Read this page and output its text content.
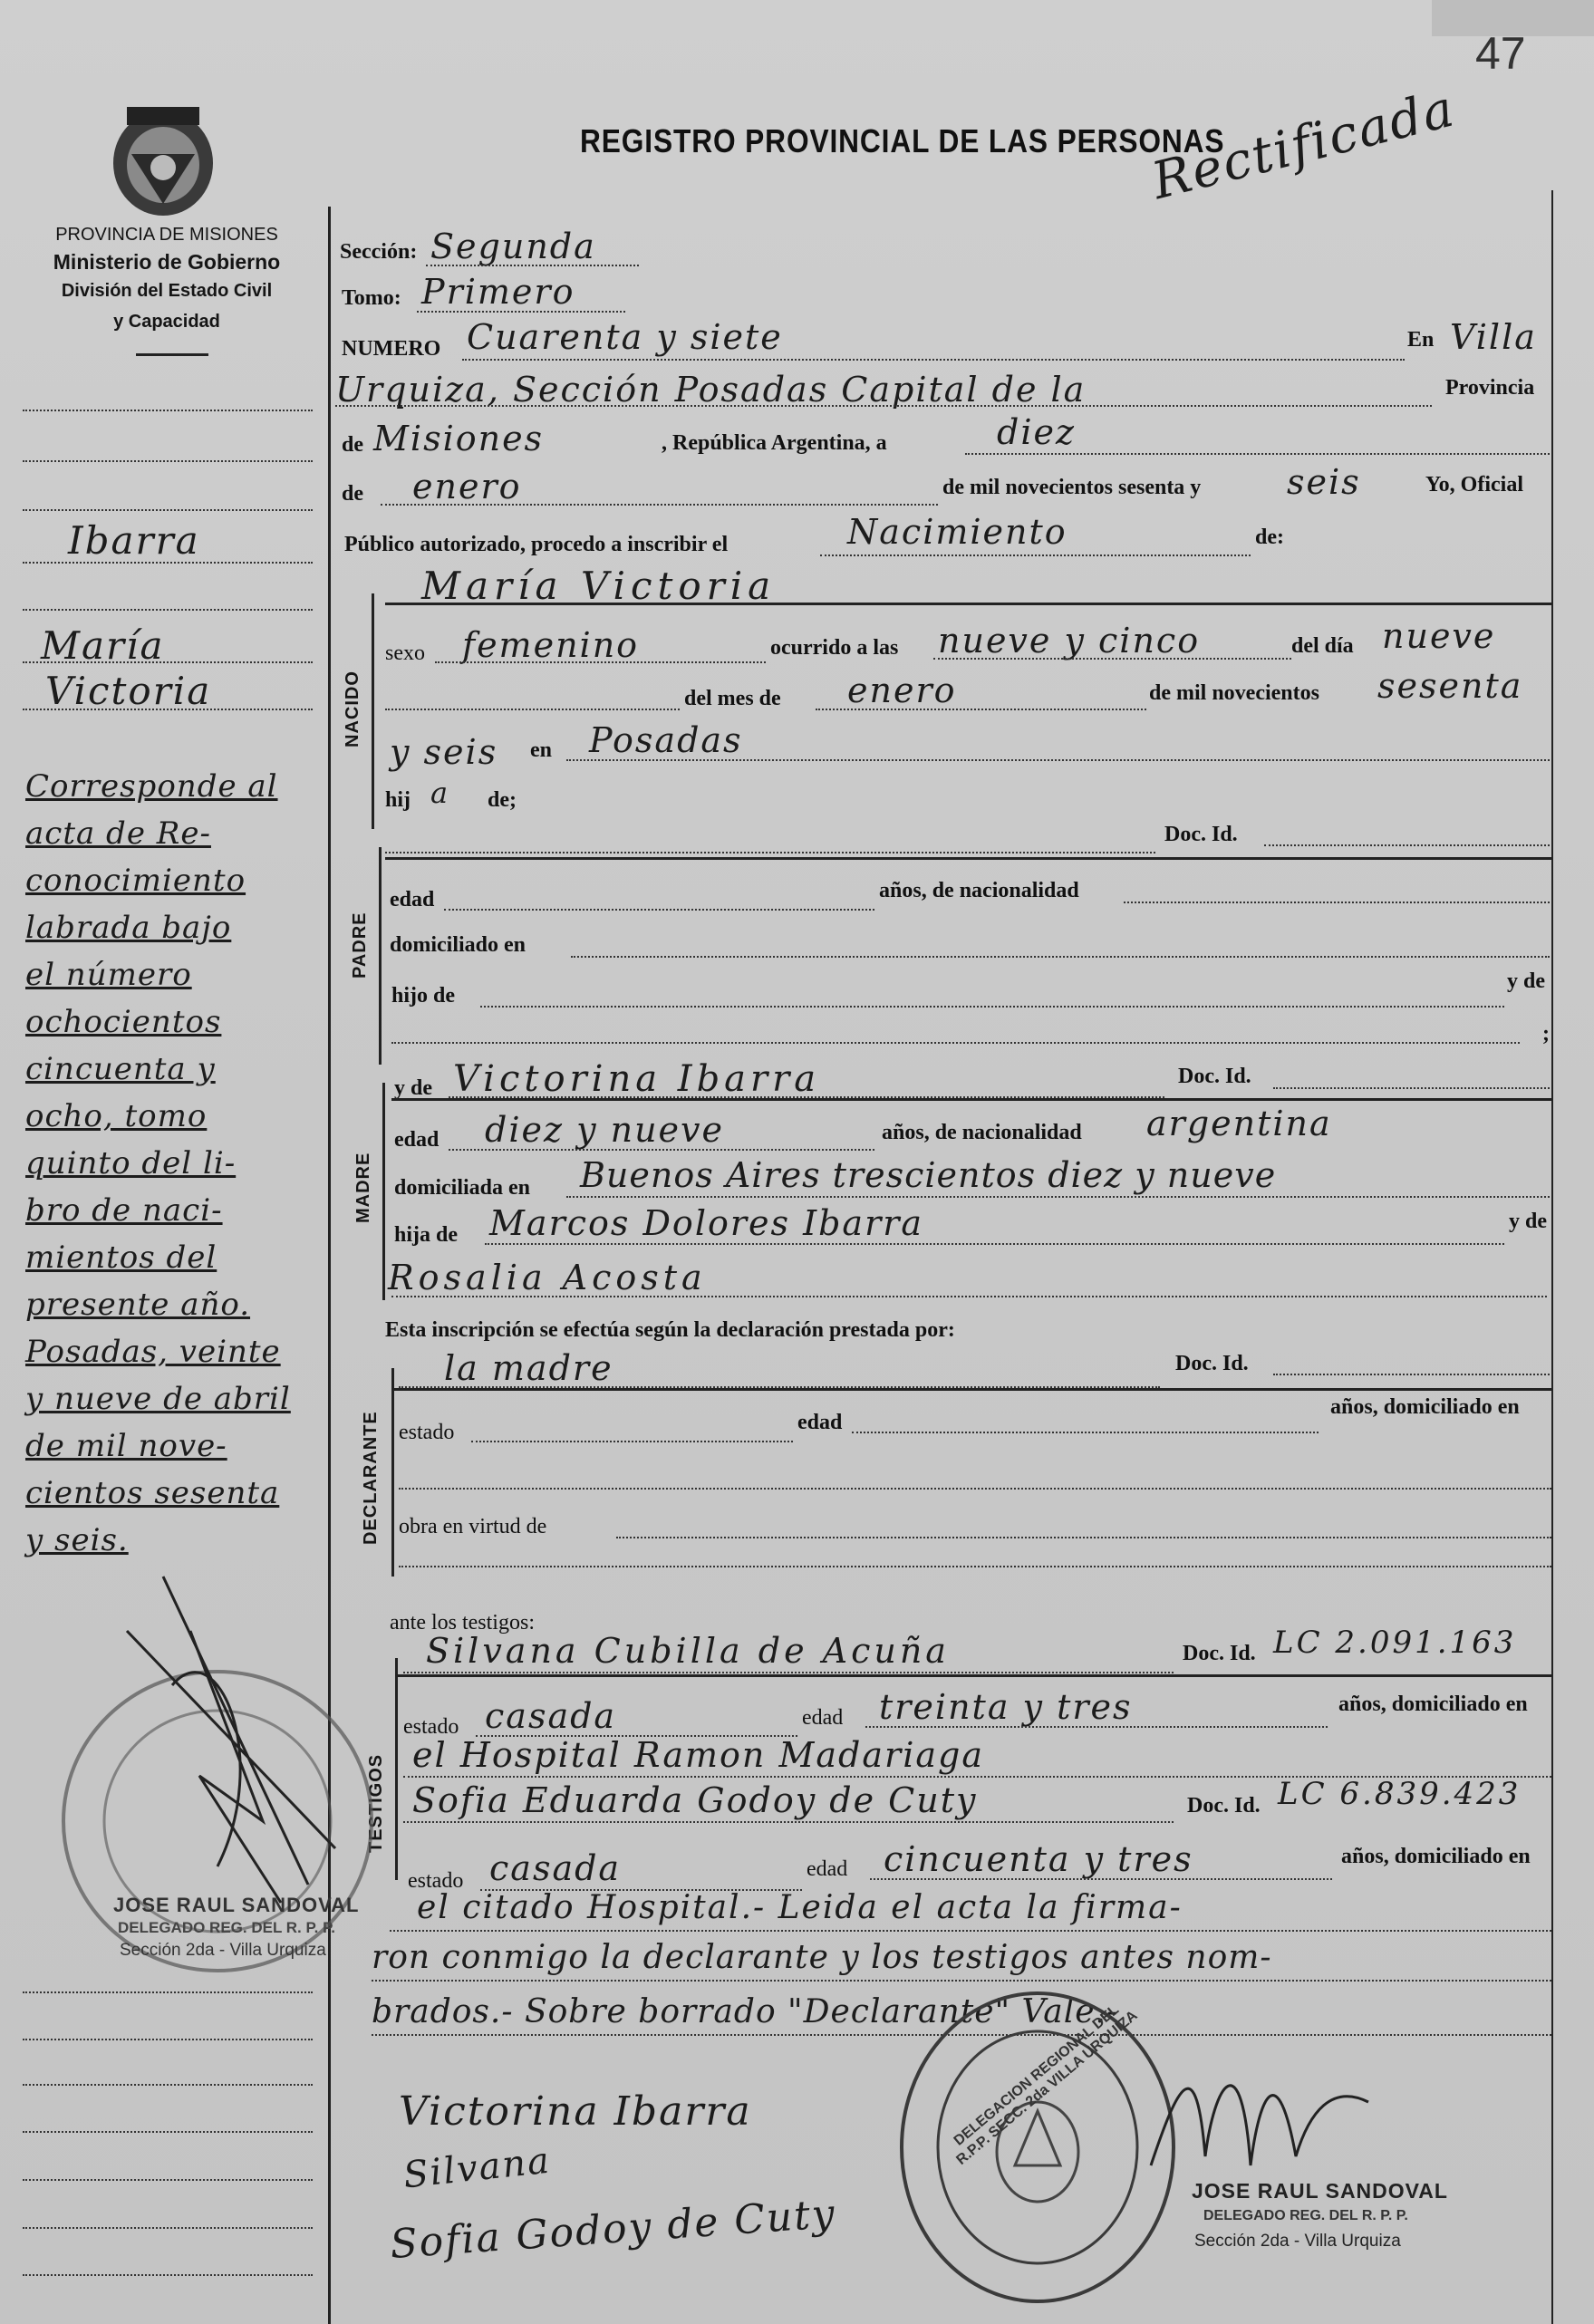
47
PROVINCIA DE MISIONES
Ministerio de Gobierno
División del Estado Civil
y Capacidad
REGISTRO PROVINCIAL DE LAS PERSONAS
Rectificada
NACIDO
PADRE
MADRE
DECLARANTE
TESTIGOS
Sección: Segunda
Tomo: Primero
NUMERO Cuarenta y siete	En Villa
Urquiza, Sección Posadas Capital de la	Provincia
de Misiones	, República Argentina, a	diez
de enero	de mil novecientos sesenta y seis	Yo, Oficial
Público autorizado, procedo a inscribir el	Nacimiento	de:
María Victoria
sexo femenino	ocurrido a las nueve y cinco	del día nueve
del mes de enero	de mil novecientos sesenta
y seis en Posadas
hij a de;
Doc. Id.
edad	años, de nacionalidad
domiciliado en
hijo de
y de
;
y de Victorina Ibarra	Doc. Id.
edad diez y nueve	años, de nacionalidad argentina
domiciliada en Buenos Aires trescientos diez y nueve
hija de Marcos Dolores Ibarra	y de
Rosalia Acosta
Esta inscripción se efectúa según la declaración prestada por:
la madre	Doc. Id.
estado	edad
años, domiciliado en
obra en virtud de
ante los testigos:
Silvana Cubilla de Acuña	Doc. Id. LC 2.091.163
estado casada	edad treinta y tres	años, domiciliado en
el Hospital Ramon Madariaga
Sofia Eduarda Godoy de Cuty	Doc. Id. LC 6.839.423
estado casada	edad cincuenta y tres	años, domiciliado en
el citado Hospital.- Leida el acta la firma-
ron conmigo la declarante y los testigos antes nom-
brados.- Sobre borrado "Declarante" Vale.-
Victorina Ibarra
Silvana
Sofia Godoy de Cuty
DELEGACION REGIONAL DEL R.P.P. SECC. 2da VILLA URQUIZA
JOSE RAUL SANDOVAL
DELEGADO REG. DEL R. P. P.
Sección 2da - Villa Urquiza
Ibarra
María
Victoria
Corresponde al
acta de Re-
conocimiento
labrada bajo
el número
ochocientos
cincuenta y
ocho, tomo
quinto del li-
bro de naci-
mientos del
presente año.
Posadas, veinte
y nueve de abril
de mil nove-
cientos sesenta
y seis.
JOSE RAUL SANDOVAL
DELEGADO REG. DEL R. P. P.
Sección 2da - Villa Urquiza
